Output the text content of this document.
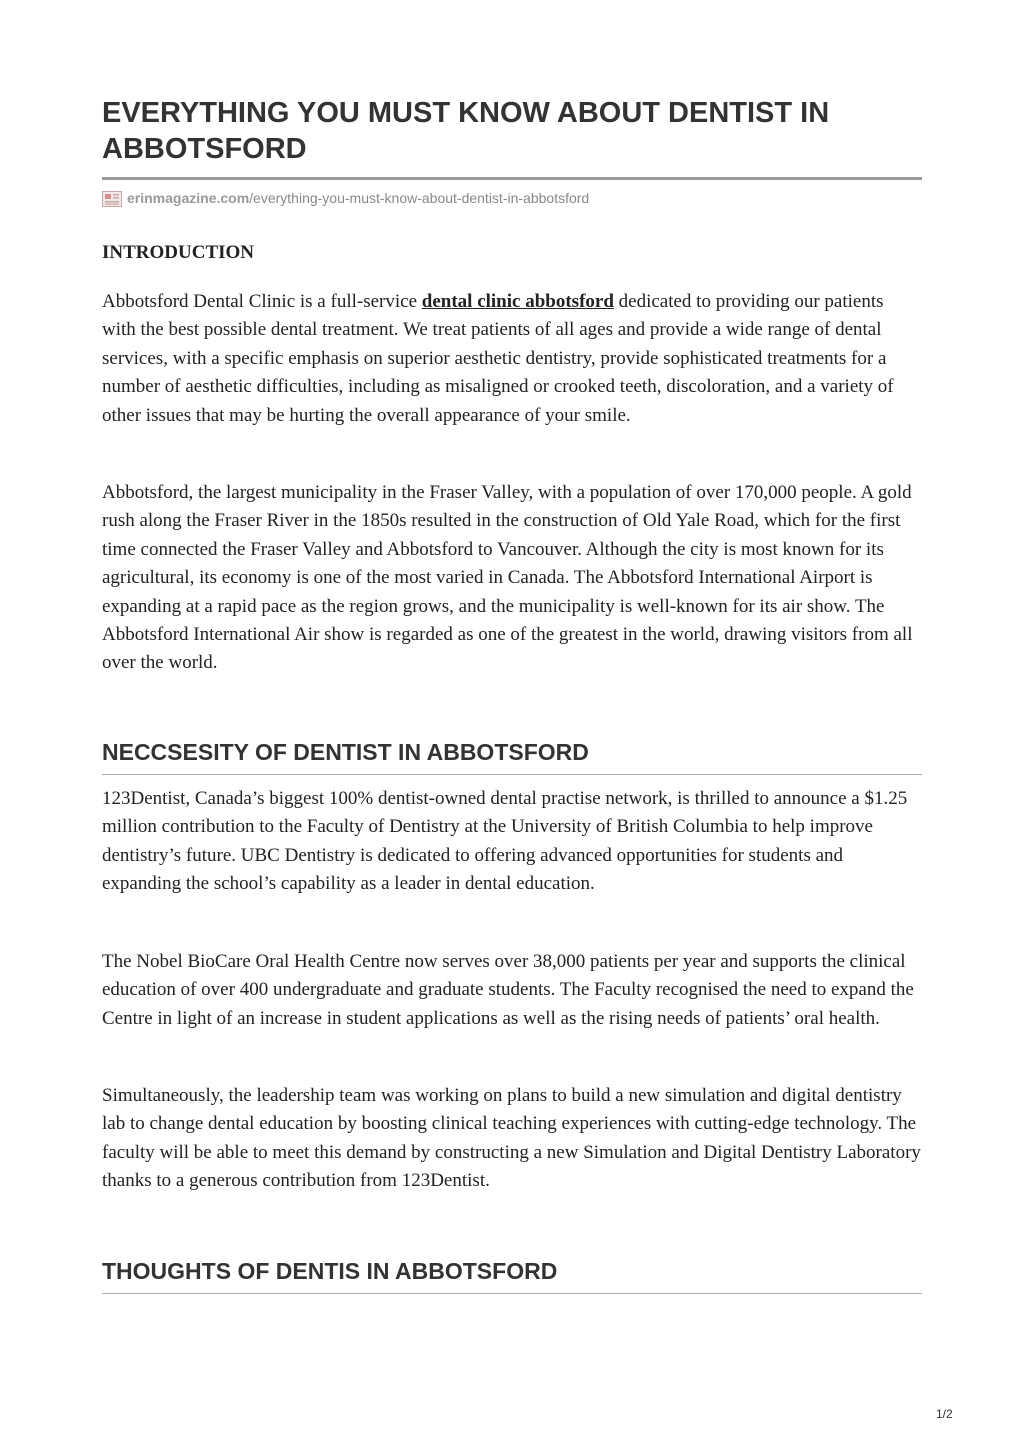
EVERYTHING YOU MUST KNOW ABOUT DENTIST IN ABBOTSFORD
erinmagazine.com /everything-you-must-know-about-dentist-in-abbotsford
INTRODUCTION

Abbotsford Dental Clinic is a full-service dental clinic abbotsford dedicated to providing our patients with the best possible dental treatment. We treat patients of all ages and provide a wide range of dental services, with a specific emphasis on superior aesthetic dentistry, provide sophisticated treatments for a number of aesthetic difficulties, including as misaligned or crooked teeth, discoloration, and a variety of other issues that may be hurting the overall appearance of your smile.

Abbotsford, the largest municipality in the Fraser Valley, with a population of over 170,000 people. A gold rush along the Fraser River in the 1850s resulted in the construction of Old Yale Road, which for the first time connected the Fraser Valley and Abbotsford to Vancouver. Although the city is most known for its agricultural, its economy is one of the most varied in Canada. The Abbotsford International Airport is expanding at a rapid pace as the region grows, and the municipality is well-known for its air show. The Abbotsford International Air show is regarded as one of the greatest in the world, drawing visitors from all over the world.

NECCSESITY OF DENTIST IN ABBOTSFORD

123Dentist, Canada’s biggest 100% dentist-owned dental practise network, is thrilled to announce a $1.25 million contribution to the Faculty of Dentistry at the University of British Columbia to help improve dentistry’s future. UBC Dentistry is dedicated to offering advanced opportunities for students and expanding the school’s capability as a leader in dental education.

The Nobel BioCare Oral Health Centre now serves over 38,000 patients per year and supports the clinical education of over 400 undergraduate and graduate students. The Faculty recognised the need to expand the Centre in light of an increase in student applications as well as the rising needs of patients’ oral health.

Simultaneously, the leadership team was working on plans to build a new simulation and digital dentistry lab to change dental education by boosting clinical teaching experiences with cutting-edge technology. The faculty will be able to meet this demand by constructing a new Simulation and Digital Dentistry Laboratory thanks to a generous contribution from 123Dentist.

THOUGHTS OF DENTIS IN ABBOTSFORD
1/2
